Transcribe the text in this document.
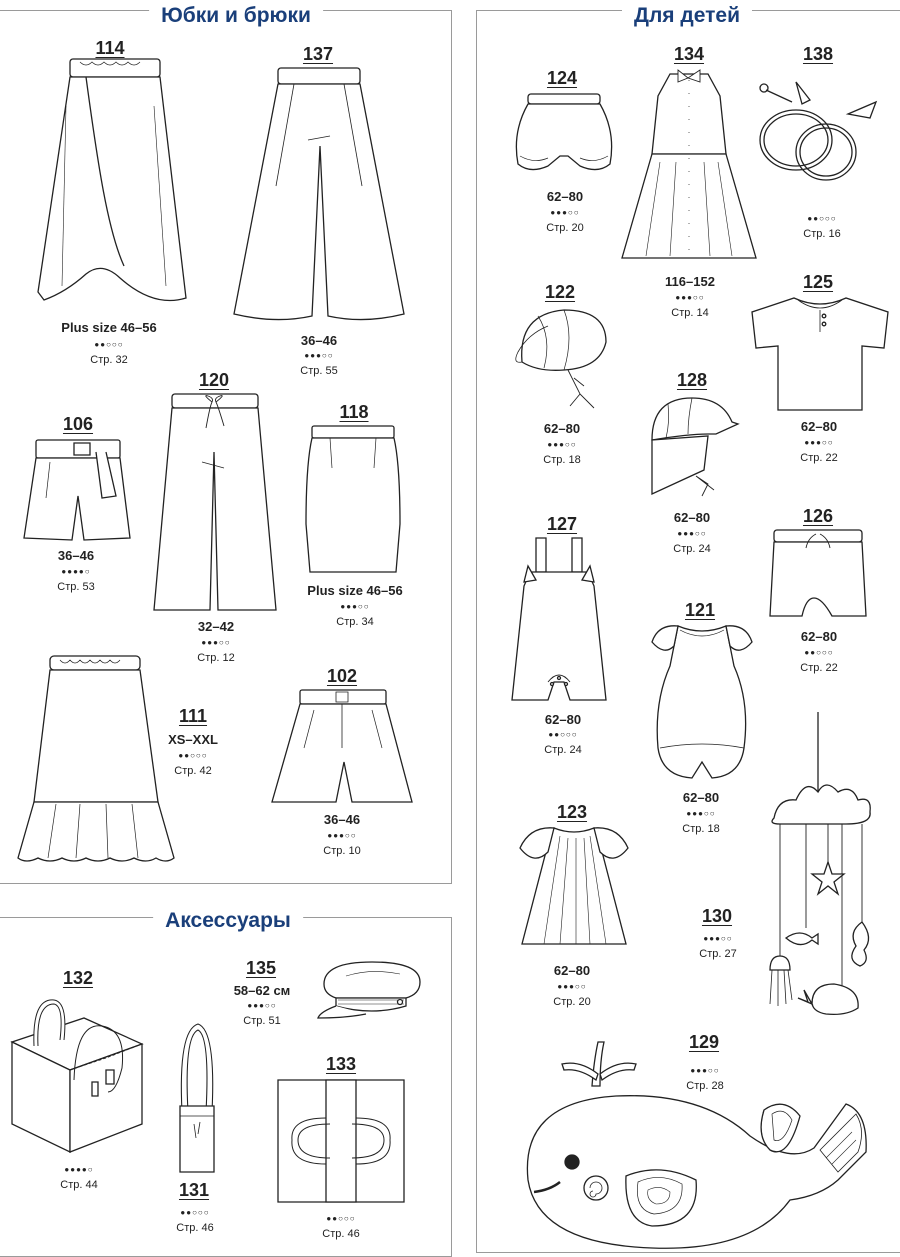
Юбки и брюки	Для детей
Аксессуары
114
Plus size 46–56
●●○○○
Стр. 32
137
36–46
●●●○○
Стр. 55
106
36–46
●●●●○
Стр. 53
120
32–42
●●●○○
Стр. 12
118
Plus size 46–56
●●●○○
Стр. 34
111
XS–XXL
●●○○○
Стр. 42
102
36–46
●●●○○
Стр. 10
124
62–80
●●●○○
Стр. 20
134
116–152
●●●○○
Стр. 14
138
●●○○○
Стр. 16
122
62–80
●●●○○
Стр. 18
125
62–80
●●●○○
Стр. 22
128
62–80
●●●○○
Стр. 24
127
62–80
●●○○○
Стр. 24
126
62–80
●●○○○
Стр. 22
121
62–80
●●●○○
Стр. 18
123
62–80
●●●○○
Стр. 20
130
●●●○○
Стр. 27
129
●●●○○
Стр. 28
132
●●●●○
Стр. 44
135
58–62 см
●●●○○
Стр. 51
131
●●○○○
Стр. 46
133
●●○○○
Стр. 46
